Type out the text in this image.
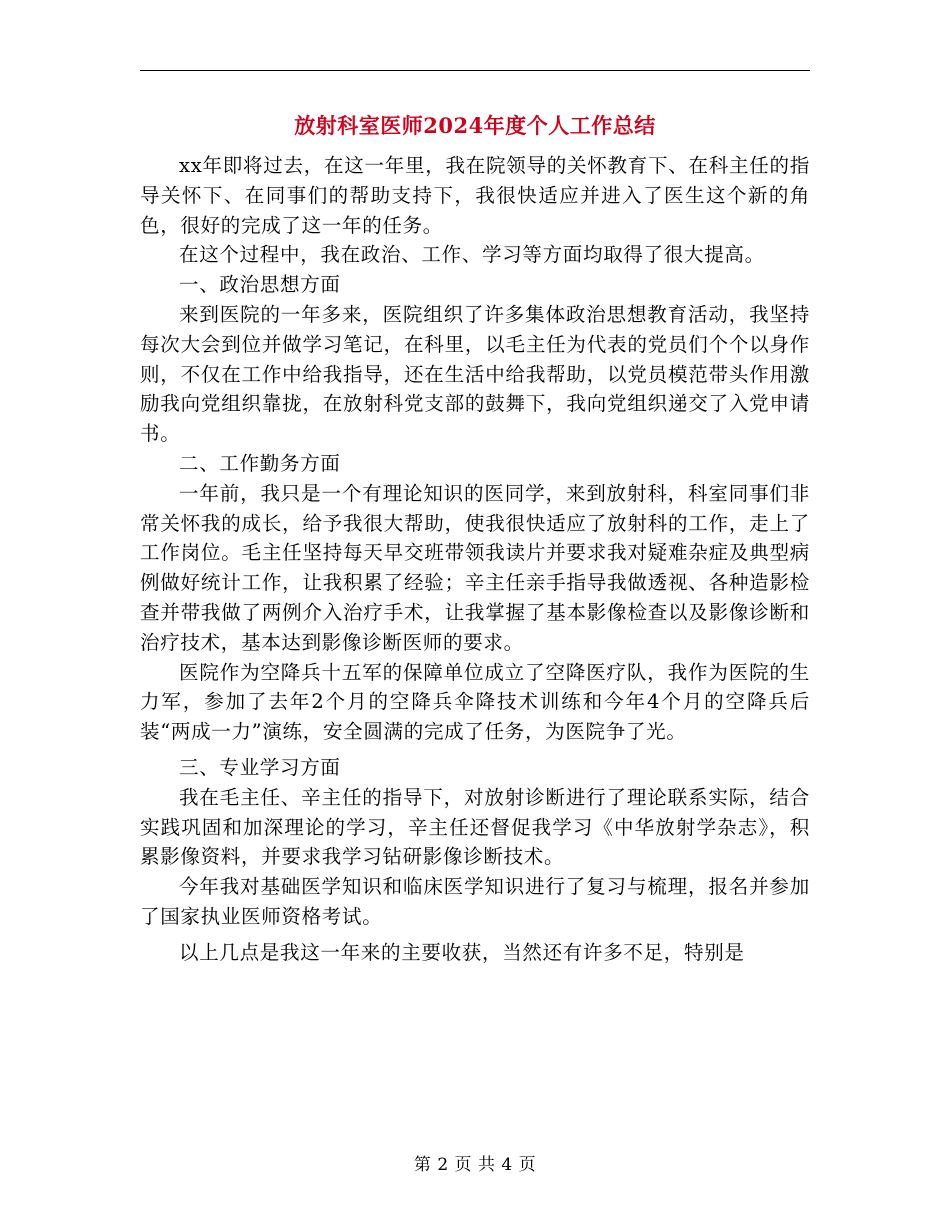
放射科室医师2024年度个人工作总结

xx年即将过去，在这一年里，我在院领导的关怀教育下、在科主任的指导关怀下、在同事们的帮助支持下，我很快适应并进入了医生这个新的角色，很好的完成了这一年的任务。

在这个过程中，我在政治、工作、学习等方面均取得了很大提高。

一、政治思想方面

来到医院的一年多来，医院组织了许多集体政治思想教育活动，我坚持每次大会到位并做学习笔记，在科里，以毛主任为代表的党员们个个以身作则，不仅在工作中给我指导，还在生活中给我帮助，以党员模范带头作用激励我向党组织靠拢，在放射科党支部的鼓舞下，我向党组织递交了入党申请书。

二、工作勤务方面

一年前，我只是一个有理论知识的医同学，来到放射科，科室同事们非常关怀我的成长，给予我很大帮助，使我很快适应了放射科的工作，走上了工作岗位。毛主任坚持每天早交班带领我读片并要求我对疑难杂症及典型病例做好统计工作，让我积累了经验；辛主任亲手指导我做透视、各种造影检查并带我做了两例介入治疗手术，让我掌握了基本影像检查以及影像诊断和治疗技术，基本达到影像诊断医师的要求。

医院作为空降兵十五军的保障单位成立了空降医疗队，我作为医院的生力军，参加了去年2个月的空降兵伞降技术训练和今年4个月的空降兵后装“两成一力”演练，安全圆满的完成了任务，为医院争了光。

三、专业学习方面

我在毛主任、辛主任的指导下，对放射诊断进行了理论联系实际，结合实践巩固和加深理论的学习，辛主任还督促我学习《中华放射学杂志》，积累影像资料，并要求我学习钻研影像诊断技术。

今年我对基础医学知识和临床医学知识进行了复习与梳理，报名并参加了国家执业医师资格考试。

以上几点是我这一年来的主要收获，当然还有许多不足，特别是

第 2 页 共 4 页
